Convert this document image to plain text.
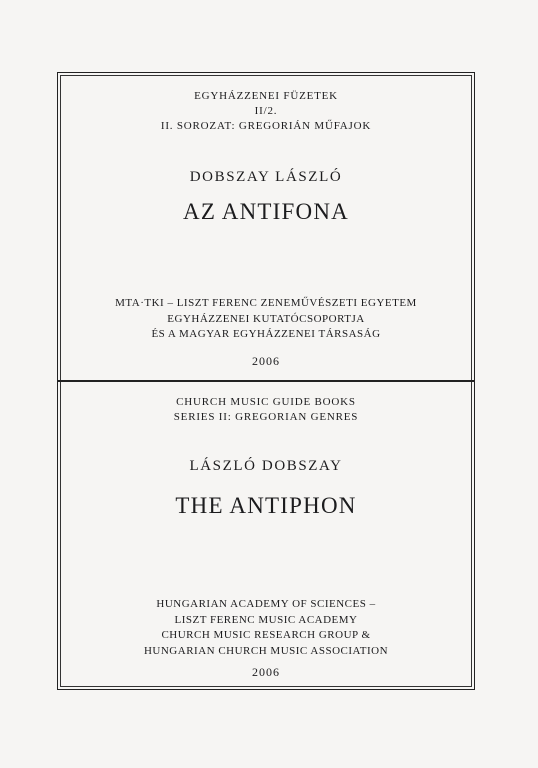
EGYHÁZZENEI FÜZETEK
II/2.
II. SOROZAT: GREGORIÁN MŰFAJOK
DOBSZAY LÁSZLÓ
AZ ANTIFONA
MTA·TKI – LISZT FERENC ZENEMŰVÉSZETI EGYETEM
EGYHÁZZENEI KUTATÓCSOPORTJA
ÉS A MAGYAR EGYHÁZZENEI TÁRSASÁG
2006
CHURCH MUSIC GUIDE BOOKS
SERIES II: GREGORIAN GENRES
LÁSZLÓ DOBSZAY
THE ANTIPHON
HUNGARIAN ACADEMY OF SCIENCES –
LISZT FERENC MUSIC ACADEMY
CHURCH MUSIC RESEARCH GROUP &
HUNGARIAN CHURCH MUSIC ASSOCIATION
2006
